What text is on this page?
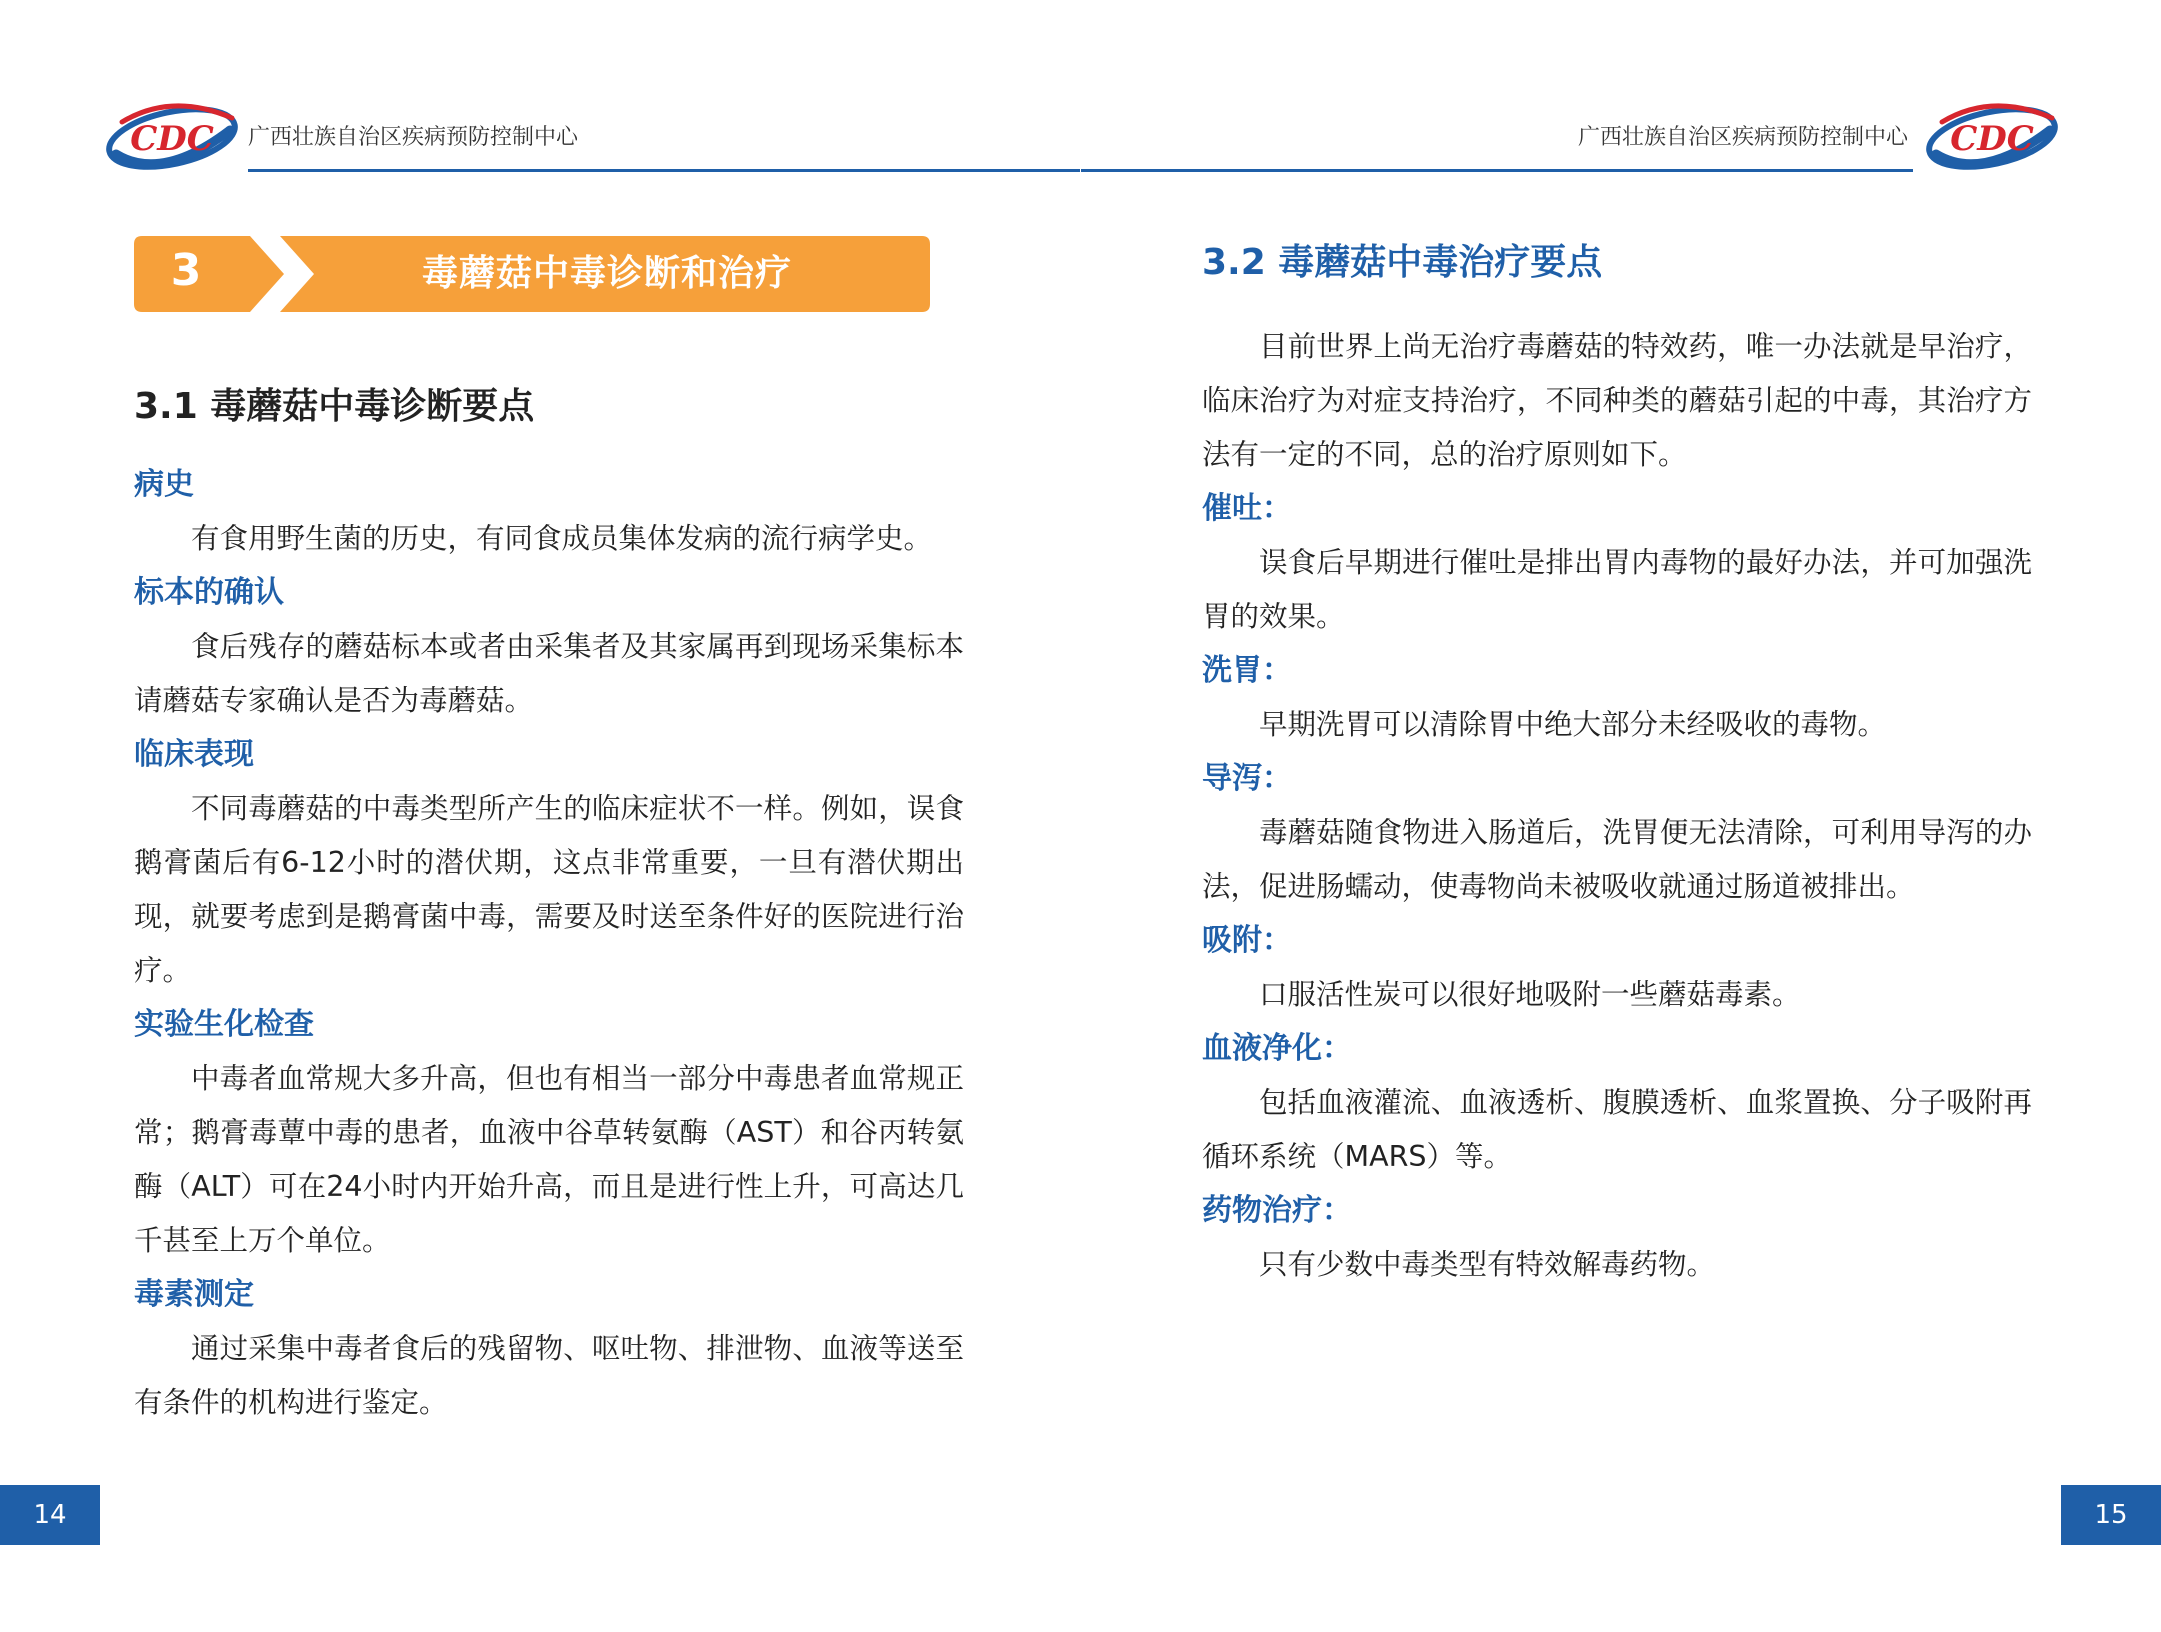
CDC 广西壮族自治区疾病预防控制中心
3	毒蘑菇中毒诊断和治疗
3.1 毒蘑菇中毒诊断要点
病史

有食用野生菌的历史，有同食成员集体发病的流行病学史。

标本的确认

食后残存的蘑菇标本或者由采集者及其家属再到现场采集标本请蘑菇专家确认是否为毒蘑菇。

临床表现

不同毒蘑菇的中毒类型所产生的临床症状不一样。例如，误食鹅膏菌后有6-12小时的潜伏期，这点非常重要，一旦有潜伏期出现，就要考虑到是鹅膏菌中毒，需要及时送至条件好的医院进行治疗。

实验生化检查

中毒者血常规大多升高，但也有相当一部分中毒患者血常规正常；鹅膏毒蕈中毒的患者，血液中谷草转氨酶（AST）和谷丙转氨酶（ALT）可在24小时内开始升高，而且是进行性上升，可高达几千甚至上万个单位。

毒素测定

通过采集中毒者食后的残留物、呕吐物、排泄物、血液等送至有条件的机构进行鉴定。

14
广西壮族自治区疾病预防控制中心 CDC
3.2 毒蘑菇中毒治疗要点

目前世界上尚无治疗毒蘑菇的特效药，唯一办法就是早治疗，临床治疗为对症支持治疗，不同种类的蘑菇引起的中毒，其治疗方法有一定的不同，总的治疗原则如下。

催吐：

误食后早期进行催吐是排出胃内毒物的最好办法，并可加强洗胃的效果。

洗胃：

早期洗胃可以清除胃中绝大部分未经吸收的毒物。

导泻：

毒蘑菇随食物进入肠道后，洗胃便无法清除，可利用导泻的办法，促进肠蠕动，使毒物尚未被吸收就通过肠道被排出。

吸附：

口服活性炭可以很好地吸附一些蘑菇毒素。

血液净化：

包括血液灌流、血液透析、腹膜透析、血浆置换、分子吸附再循环系统（MARS）等。

药物治疗：

只有少数中毒类型有特效解毒药物。

15
